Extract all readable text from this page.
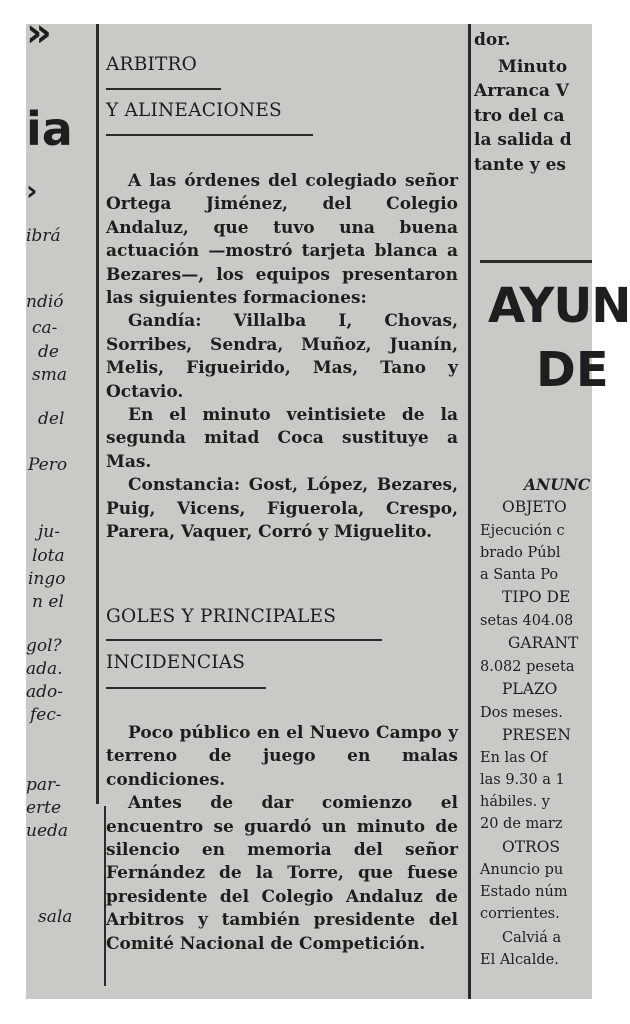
»
ia
›
ibrá
ndió
ca-
de
sma
del
Pero
ju-
lota
ingo
n el
gol?
ada.
ado-
fec-
par-
erte
ueda
sala
ARBITRO
Y ALINEACIONES

A las órdenes del colegiado señor Ortega Jiménez, del Colegio Andaluz, que tuvo una buena actuación —mostró tarjeta blanca a Bezares—, los equipos presentaron las siguientes formaciones:

Gandía: Villalba I, Chovas, Sorribes, Sendra, Muñoz, Juanín, Melis, Figueirido, Mas, Tano y Octavio.

En el minuto veintisiete de la segunda mitad Coca sustituye a Mas.

Constancia: Gost, López, Bezares, Puig, Vicens, Figuerola, Crespo, Parera, Vaquer, Corró y Miguelito.

GOLES Y PRINCIPALES
INCIDENCIAS

Poco público en el Nuevo Campo y terreno de juego en malas condiciones.

Antes de dar comienzo el encuentro se guardó un minuto de silencio en memoria del señor Fernández de la Torre, que fuese presidente del Colegio Andaluz de Arbitros y también presidente del Comité Nacional de Competición.

dor.
Minuto
Arranca V
tro del ca
la salida d
tante y es
AYUN
DE
ANUNC
OBJETO
Ejecución c
brado Públ
a Santa Po
TIPO DE
setas 404.08
GARANT
8.082 peseta
PLAZO
Dos meses.
PRESEN
En las Of
las 9.30 a 1
hábiles. y
20 de marz
OTROS
Anuncio pu
Estado núm
corrientes.
Calviá a
El Alcalde.
